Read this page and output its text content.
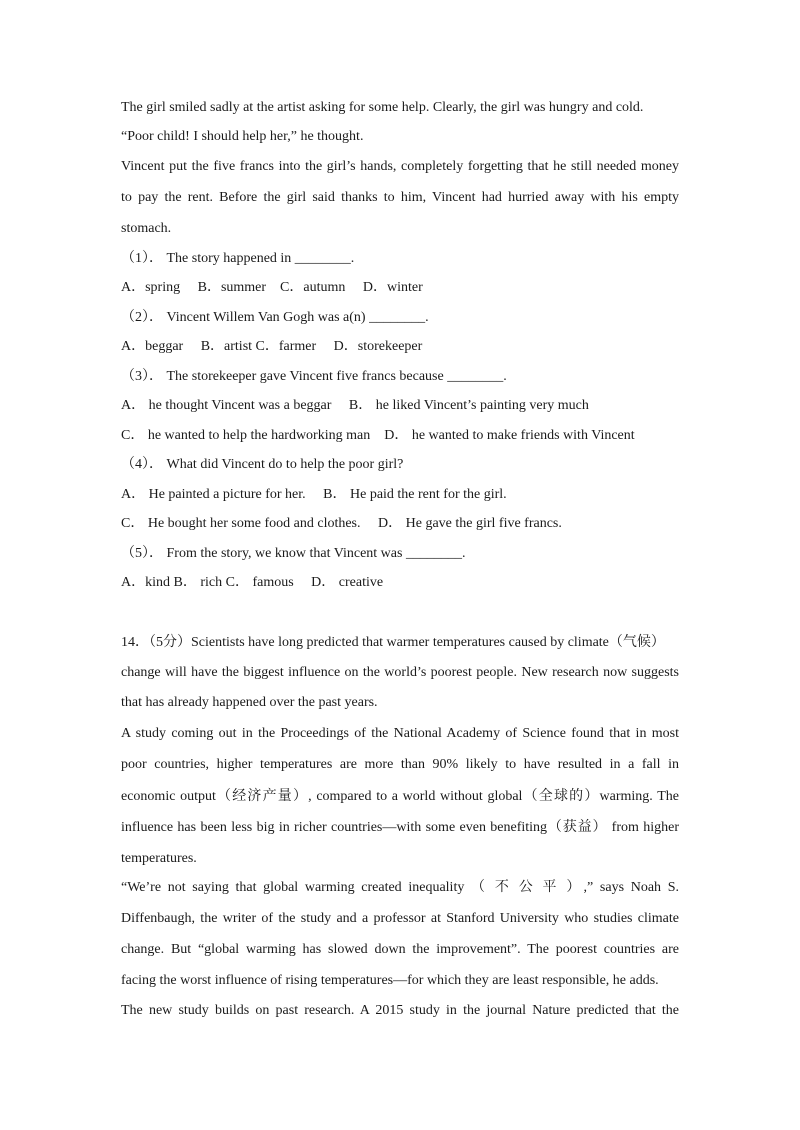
The girl smiled sadly at the artist asking for some help. Clearly, the girl was hungry and cold.
“Poor child! I should help her,” he thought.
Vincent put the five francs into the girl’s hands, completely forgetting that he still needed money
to pay the rent. Before the girl said thanks to him, Vincent had hurried away with his empty
stomach.
（1）． The story happened in ________.
A．spring　 B．summer　C．autumn　 D．winter
（2）． Vincent Willem Van Gogh was a(n) ________.
A．beggar　 B．artist C．farmer　 D．storekeeper
（3）． The storekeeper gave Vincent five francs because ________.
A． he thought Vincent was a beggar　 B． he liked Vincent’s painting very much
C． he wanted to help the hardworking man　D． he wanted to make friends with Vincent
（4）． What did Vincent do to help the poor girl?
A． He painted a picture for her.　 B． He paid the rent for the girl.
C． He bought her some food and clothes.　 D． He gave the girl five francs.
（5）． From the story, we know that Vincent was ________.
A．kind B． rich C． famous　 D． creative
14．（5分）Scientists have long predicted that warmer temperatures caused by climate（气候）
change will have the biggest influence on the world’s poorest people. New research now suggests
that has already happened over the past years.
A study coming out in the Proceedings of the National Academy of Science found that in most
poor countries, higher temperatures are more than 90% likely to have resulted in a fall in
economic output（经济产量）, compared to a world without global（全球的）warming. The
influence has been less big in richer countries—with some even benefiting（获益） from higher
temperatures.
“We’re not saying that global warming created inequality （ 不 公 平 ）,” says Noah S.
Diffenbaugh, the writer of the study and a professor at Stanford University who studies climate
change. But “global warming has slowed down the improvement”. The poorest countries are
facing the worst influence of rising temperatures—for which they are least responsible, he adds.
The new study builds on past research. A 2015 study in the journal Nature predicted that the
